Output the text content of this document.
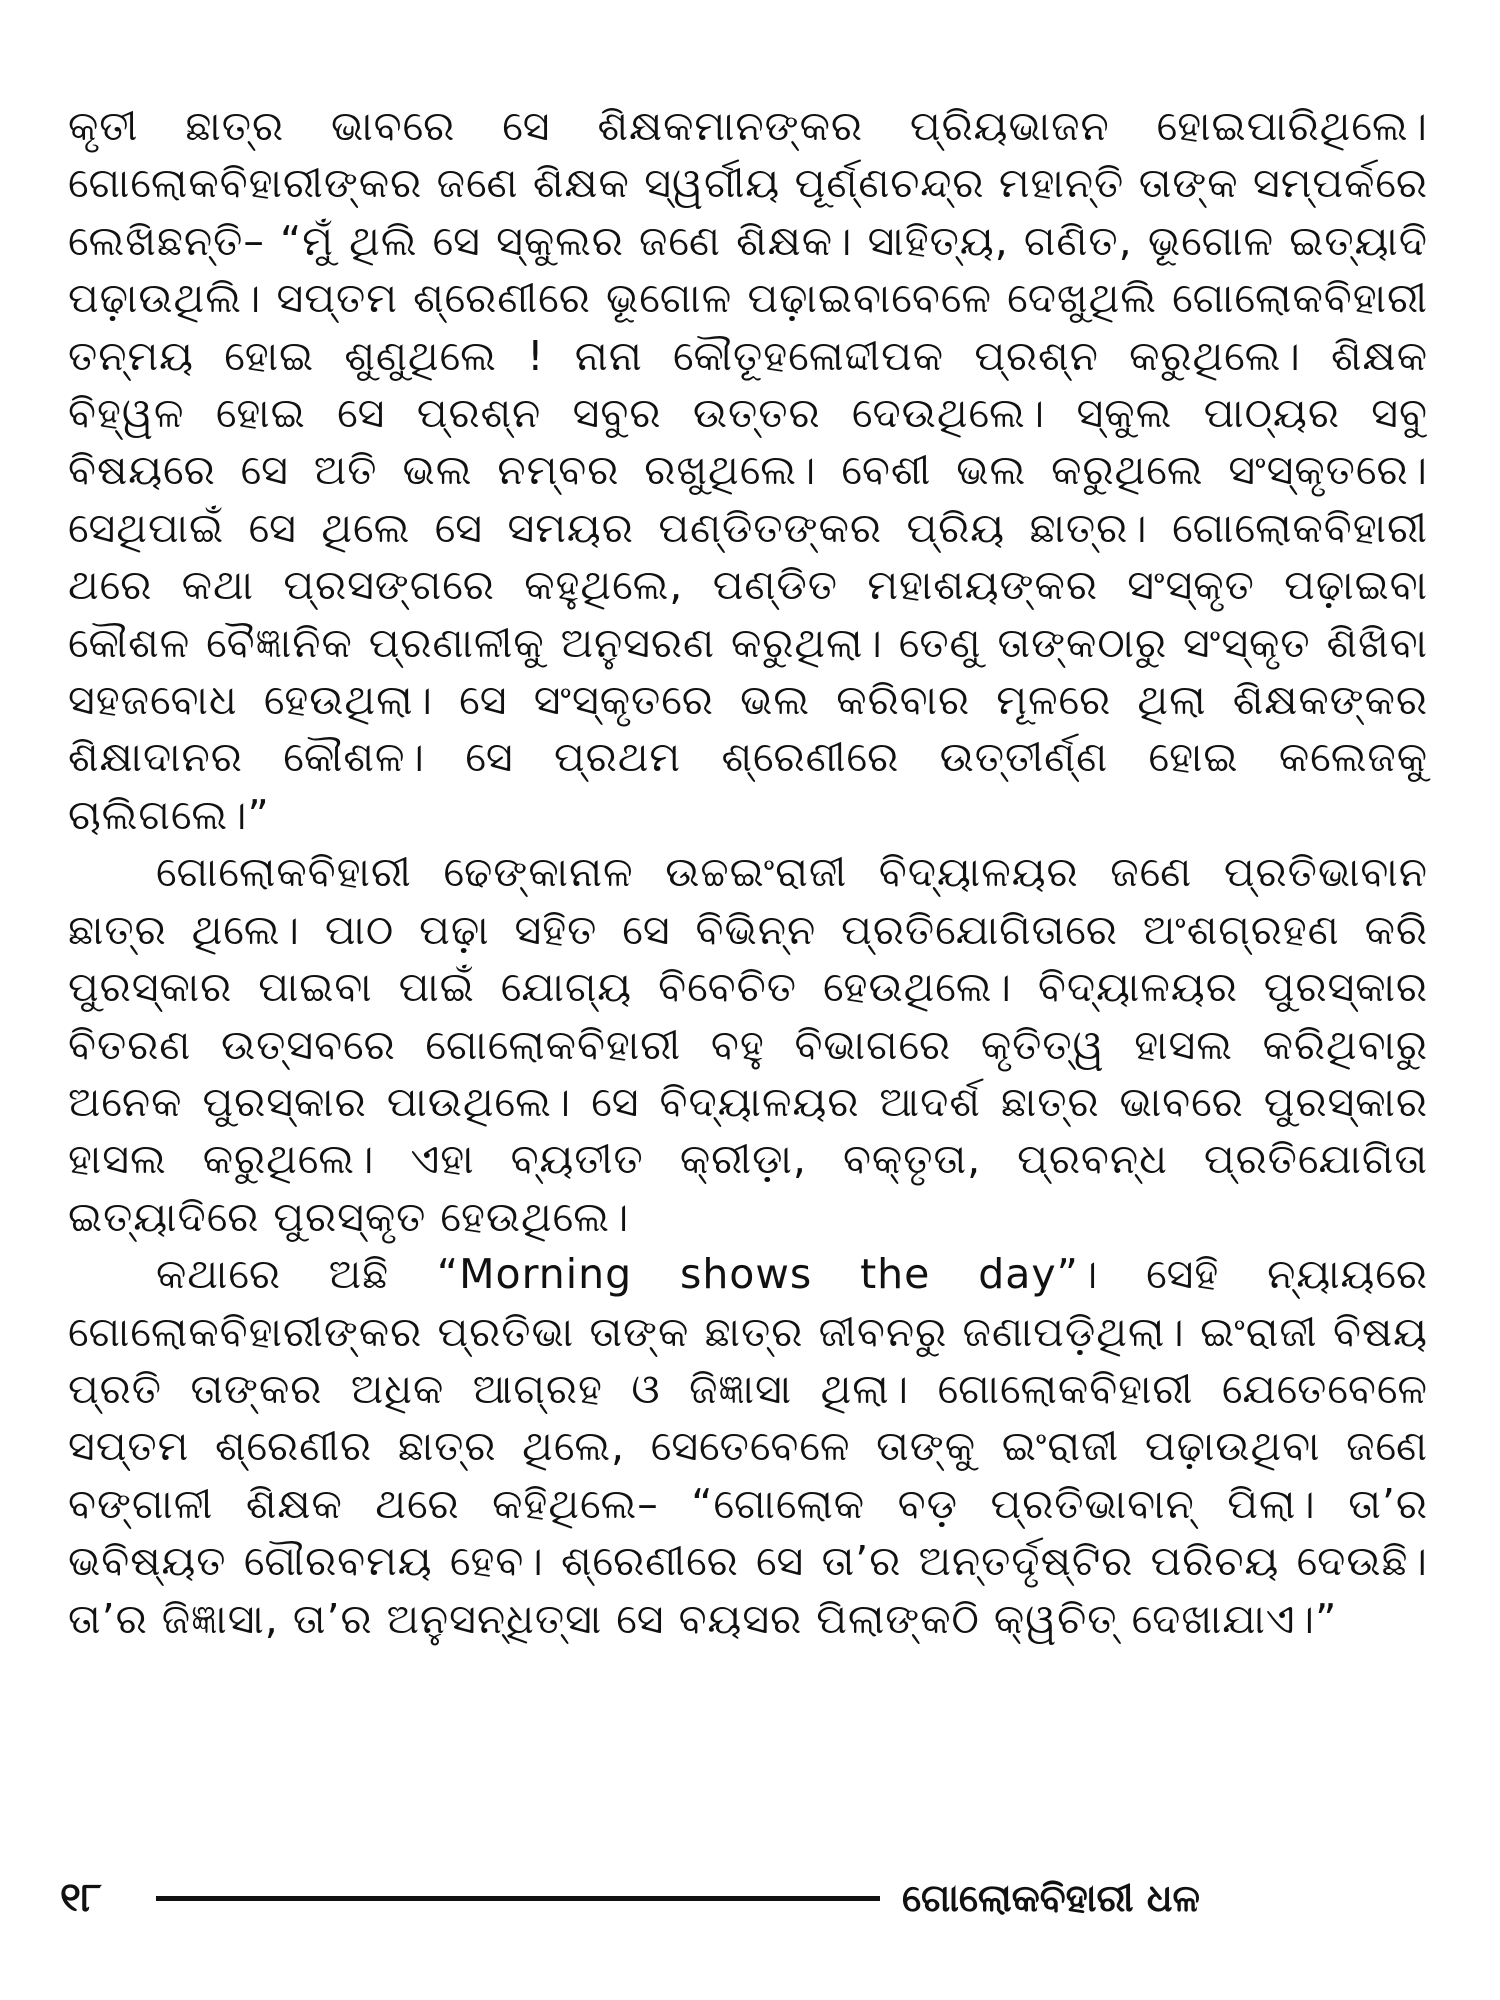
କୃତୀ ଛାତ୍ର ଭାବରେ ସେ ଶିକ୍ଷକମାନଙ୍କର ପ୍ରିୟଭାଜନ ହୋଇପାରିଥିଲେ। ଗୋଲୋକବିହାରୀଙ୍କର ଜଣେ ଶିକ୍ଷକ ସ୍ୱର୍ଗୀୟ ପୂର୍ଣ୍ଣଚନ୍ଦ୍ର ମହାନ୍ତି ତାଙ୍କ ସମ୍ପର୍କରେ ଲେଖିଛନ୍ତି– “ମୁଁ ଥିଲି ସେ ସ୍କୁଲର ଜଣେ ଶିକ୍ଷକ। ସାହିତ୍ୟ, ଗଣିତ, ଭୂଗୋଳ ଇତ୍ୟାଦି ପଢ଼ାଉଥିଲି। ସପ୍ତମ ଶ୍ରେଣୀରେ ଭୂଗୋଳ ପଢ଼ାଇବାବେଳେ ଦେଖୁଥିଲି ଗୋଲୋକବିହାରୀ ତନ୍ମୟ ହୋଇ ଶୁଣୁଥିଲେ ! ନାନା କୌତୂହଳୋଦ୍ଦୀପକ ପ୍ରଶ୍ନ କରୁଥିଲେ। ଶିକ୍ଷକ ବିହ୍ୱଳ ହୋଇ ସେ ପ୍ରଶ୍ନ ସବୁର ଉତ୍ତର ଦେଉଥିଲେ। ସ୍କୁଲ ପାଠ୍ୟର ସବୁ ବିଷୟରେ ସେ ଅତି ଭଲ ନମ୍ବର ରଖୁଥିଲେ। ବେଶୀ ଭଲ କରୁଥିଲେ ସଂସ୍କୃତରେ। ସେଥିପାଇଁ ସେ ଥିଲେ ସେ ସମୟର ପଣ୍ଡିତଙ୍କର ପ୍ରିୟ ଛାତ୍ର। ଗୋଲୋକବିହାରୀ ଥରେ କଥା ପ୍ରସଙ୍ଗରେ କହୁଥିଲେ, ପଣ୍ଡିତ ମହାଶୟଙ୍କର ସଂସ୍କୃତ ପଢ଼ାଇବା କୌଶଳ ବୈଜ୍ଞାନିକ ପ୍ରଣାଳୀକୁ ଅନୁସରଣ କରୁଥିଲା। ତେଣୁ ତାଙ୍କଠାରୁ ସଂସ୍କୃତ ଶିଖିବା ସହଜବୋଧ ହେଉଥିଲା। ସେ ସଂସ୍କୃତରେ ଭଲ କରିବାର ମୂଳରେ ଥିଲା ଶିକ୍ଷକଙ୍କର ଶିକ୍ଷାଦାନର କୌଶଳ। ସେ ପ୍ରଥମ ଶ୍ରେଣୀରେ ଉତ୍ତୀର୍ଣ୍ଣ ହୋଇ କଲେଜକୁ ଚାଲିଗଲେ।”

ଗୋଲୋକବିହାରୀ ଢେଙ୍କାନାଳ ଉଚ୍ଚଇଂରାଜୀ ବିଦ୍ୟାଳୟର ଜଣେ ପ୍ରତିଭାବାନ ଛାତ୍ର ଥିଲେ। ପାଠ ପଢ଼ା ସହିତ ସେ ବିଭିନ୍ନ ପ୍ରତିଯୋଗିତାରେ ଅଂଶଗ୍ରହଣ କରି ପୁରସ୍କାର ପାଇବା ପାଇଁ ଯୋଗ୍ୟ ବିବେଚିତ ହେଉଥିଲେ। ବିଦ୍ୟାଳୟର ପୁରସ୍କାର ବିତରଣ ଉତ୍ସବରେ ଗୋଲୋକବିହାରୀ ବହୁ ବିଭାଗରେ କୃତିତ୍ୱ ହାସଲ କରିଥିବାରୁ ଅନେକ ପୁରସ୍କାର ପାଉଥିଲେ। ସେ ବିଦ୍ୟାଳୟର ଆଦର୍ଶ ଛାତ୍ର ଭାବରେ ପୁରସ୍କାର ହାସଲ କରୁଥିଲେ। ଏହା ବ୍ୟତୀତ କ୍ରୀଡ଼ା, ବକ୍ତୃତା, ପ୍ରବନ୍ଧ ପ୍ରତିଯୋଗିତା ଇତ୍ୟାଦିରେ ପୁରସ୍କୃତ ହେଉଥିଲେ।

କଥାରେ ଅଛି “Morning shows the day”। ସେହି ନ୍ୟାୟରେ ଗୋଲୋକବିହାରୀଙ୍କର ପ୍ରତିଭା ତାଙ୍କ ଛାତ୍ର ଜୀବନରୁ ଜଣାପଡ଼ିଥିଲା। ଇଂରାଜୀ ବିଷୟ ପ୍ରତି ତାଙ୍କର ଅଧିକ ଆଗ୍ରହ ଓ ଜିଜ୍ଞାସା ଥିଲା। ଗୋଲୋକବିହାରୀ ଯେତେବେଳେ ସପ୍ତମ ଶ୍ରେଣୀର ଛାତ୍ର ଥିଲେ, ସେତେବେଳେ ତାଙ୍କୁ ଇଂରାଜୀ ପଢ଼ାଉଥିବା ଜଣେ ବଙ୍ଗାଳୀ ଶିକ୍ଷକ ଥରେ କହିଥିଲେ– “ଗୋଲୋକ ବଡ଼ ପ୍ରତିଭାବାନ୍ ପିଲା। ତା’ର ଭବିଷ୍ୟତ ଗୌରବମୟ ହେବ। ଶ୍ରେଣୀରେ ସେ ତା’ର ଅନ୍ତର୍ଦୃଷ୍ଟିର ପରିଚୟ ଦେଉଛି। ତା’ର ଜିଜ୍ଞାସା, ତା’ର ଅନୁସନ୍ଧିତ୍ସା ସେ ବୟସର ପିଲାଙ୍କଠି କ୍ୱଚିତ୍ ଦେଖାଯାଏ।”

୧୮	ଗୋଲୋକବିହାରୀ ଧଳ
